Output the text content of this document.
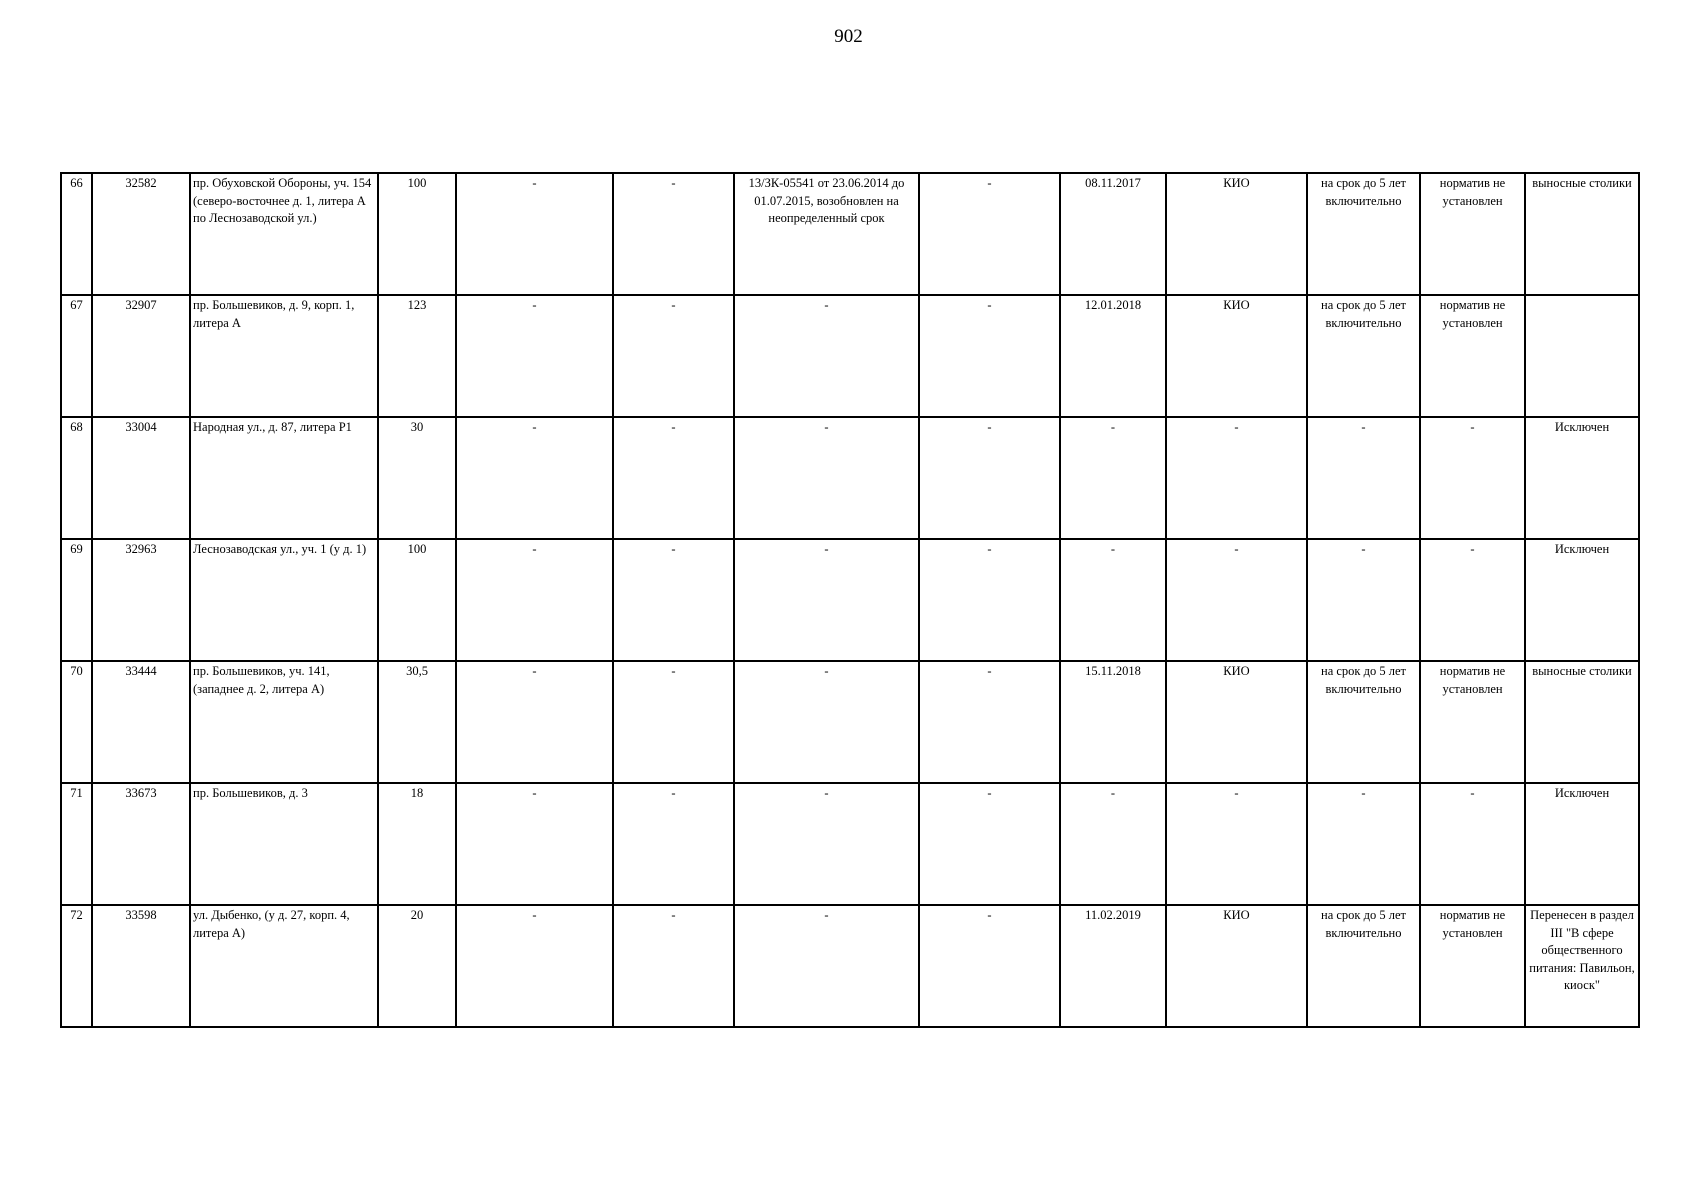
902
66	32582	пр. Обуховской Обороны, уч. 154 (северо-восточнее д. 1, литера А по Леснозаводской ул.)	100	-	-	13/ЗК-05541 от 23.06.2014 до 01.07.2015, возобновлен на неопределенный срок	-	08.11.2017	КИО	на срок до 5 лет включительно	норматив не установлен	выносные столики
67	32907	пр. Большевиков, д. 9, корп. 1, литера А	123	-	-	-	-	12.01.2018	КИО	на срок до 5 лет включительно	норматив не установлен	
68	33004	Народная ул., д. 87, литера Р1	30	-	-	-	-	-	-	-	-	Исключен
69	32963	Леснозаводская ул., уч. 1 (у д. 1)	100	-	-	-	-	-	-	-	-	Исключен
70	33444	пр. Большевиков, уч. 141, (западнее д. 2, литера А)	30,5	-	-	-	-	15.11.2018	КИО	на срок до 5 лет включительно	норматив не установлен	выносные столики
71	33673	пр. Большевиков, д. 3	18	-	-	-	-	-	-	-	-	Исключен
72	33598	ул. Дыбенко, (у д. 27, корп. 4, литера А)	20	-	-	-	-	11.02.2019	КИО	на срок до 5 лет включительно	норматив не установлен	Перенесен в раздел III "В сфере общественного питания: Павильон, киоск"
